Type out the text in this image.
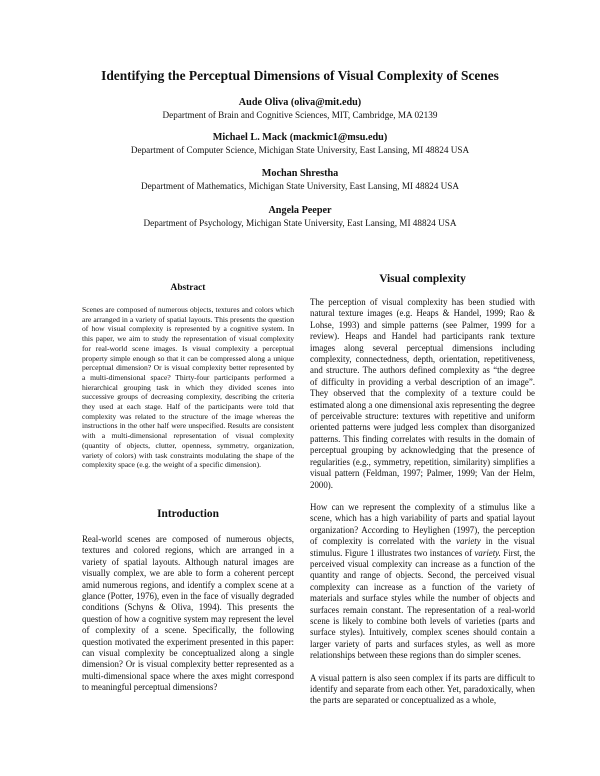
Identifying the Perceptual Dimensions of Visual Complexity of Scenes
Aude Oliva (oliva@mit.edu)
Department of Brain and Cognitive Sciences, MIT, Cambridge, MA 02139
Michael L. Mack (mackmic1@msu.edu)
Department of Computer Science, Michigan State University, East Lansing, MI 48824 USA
Mochan Shrestha
Department of Mathematics, Michigan State University, East Lansing, MI 48824 USA
Angela Peeper
Department of Psychology, Michigan State University, East Lansing, MI 48824 USA
Abstract

Scenes are composed of numerous objects, textures and colors which are arranged in a variety of spatial layouts. This presents the question of how visual complexity is represented by a cognitive system. In this paper, we aim to study the representation of visual complexity for real-world scene images. Is visual complexity a perceptual property simple enough so that it can be compressed along a unique perceptual dimension? Or is visual complexity better represented by a multi-dimensional space? Thirty-four participants performed a hierarchical grouping task in which they divided scenes into successive groups of decreasing complexity, describing the criteria they used at each stage. Half of the participants were told that complexity was related to the structure of the image whereas the instructions in the other half were unspecified. Results are consistent with a multi-dimensional representation of visual complexity (quantity of objects, clutter, openness, symmetry, organization, variety of colors) with task constraints modulating the shape of the complexity space (e.g. the weight of a specific dimension).

Introduction

Real-world scenes are composed of numerous objects, textures and colored regions, which are arranged in a variety of spatial layouts. Although natural images are visually complex, we are able to form a coherent percept amid numerous regions, and identify a complex scene at a glance (Potter, 1976), even in the face of visually degraded conditions (Schyns & Oliva, 1994). This presents the question of how a cognitive system may represent the level of complexity of a scene. Specifically, the following question motivated the experiment presented in this paper: can visual complexity be conceptualized along a single dimension? Or is visual complexity better represented as a multi-dimensional space where the axes might correspond to meaningful perceptual dimensions?

Visual complexity

The perception of visual complexity has been studied with natural texture images (e.g. Heaps & Handel, 1999; Rao & Lohse, 1993) and simple patterns (see Palmer, 1999 for a review). Heaps and Handel had participants rank texture images along several perceptual dimensions including complexity, connectedness, depth, orientation, repetitiveness, and structure. The authors defined complexity as “the degree of difficulty in providing a verbal description of an image”. They observed that the complexity of a texture could be estimated along a one dimensional axis representing the degree of perceivable structure: textures with repetitive and uniform oriented patterns were judged less complex than disorganized patterns. This finding correlates with results in the domain of perceptual grouping by acknowledging that the presence of regularities (e.g., symmetry, repetition, similarity) simplifies a visual pattern (Feldman, 1997; Palmer, 1999; Van der Helm, 2000).

How can we represent the complexity of a stimulus like a scene, which has a high variability of parts and spatial layout organization? According to Heylighen (1997), the perception of complexity is correlated with the variety in the visual stimulus. Figure 1 illustrates two instances of variety. First, the perceived visual complexity can increase as a function of the quantity and range of objects. Second, the perceived visual complexity can increase as a function of the variety of materials and surface styles while the number of objects and surfaces remain constant. The representation of a real-world scene is likely to combine both levels of varieties (parts and surface styles). Intuitively, complex scenes should contain a larger variety of parts and surfaces styles, as well as more relationships between these regions than do simpler scenes.

A visual pattern is also seen complex if its parts are difficult to identify and separate from each other. Yet, paradoxically, when the parts are separated or conceptualized as a whole,
